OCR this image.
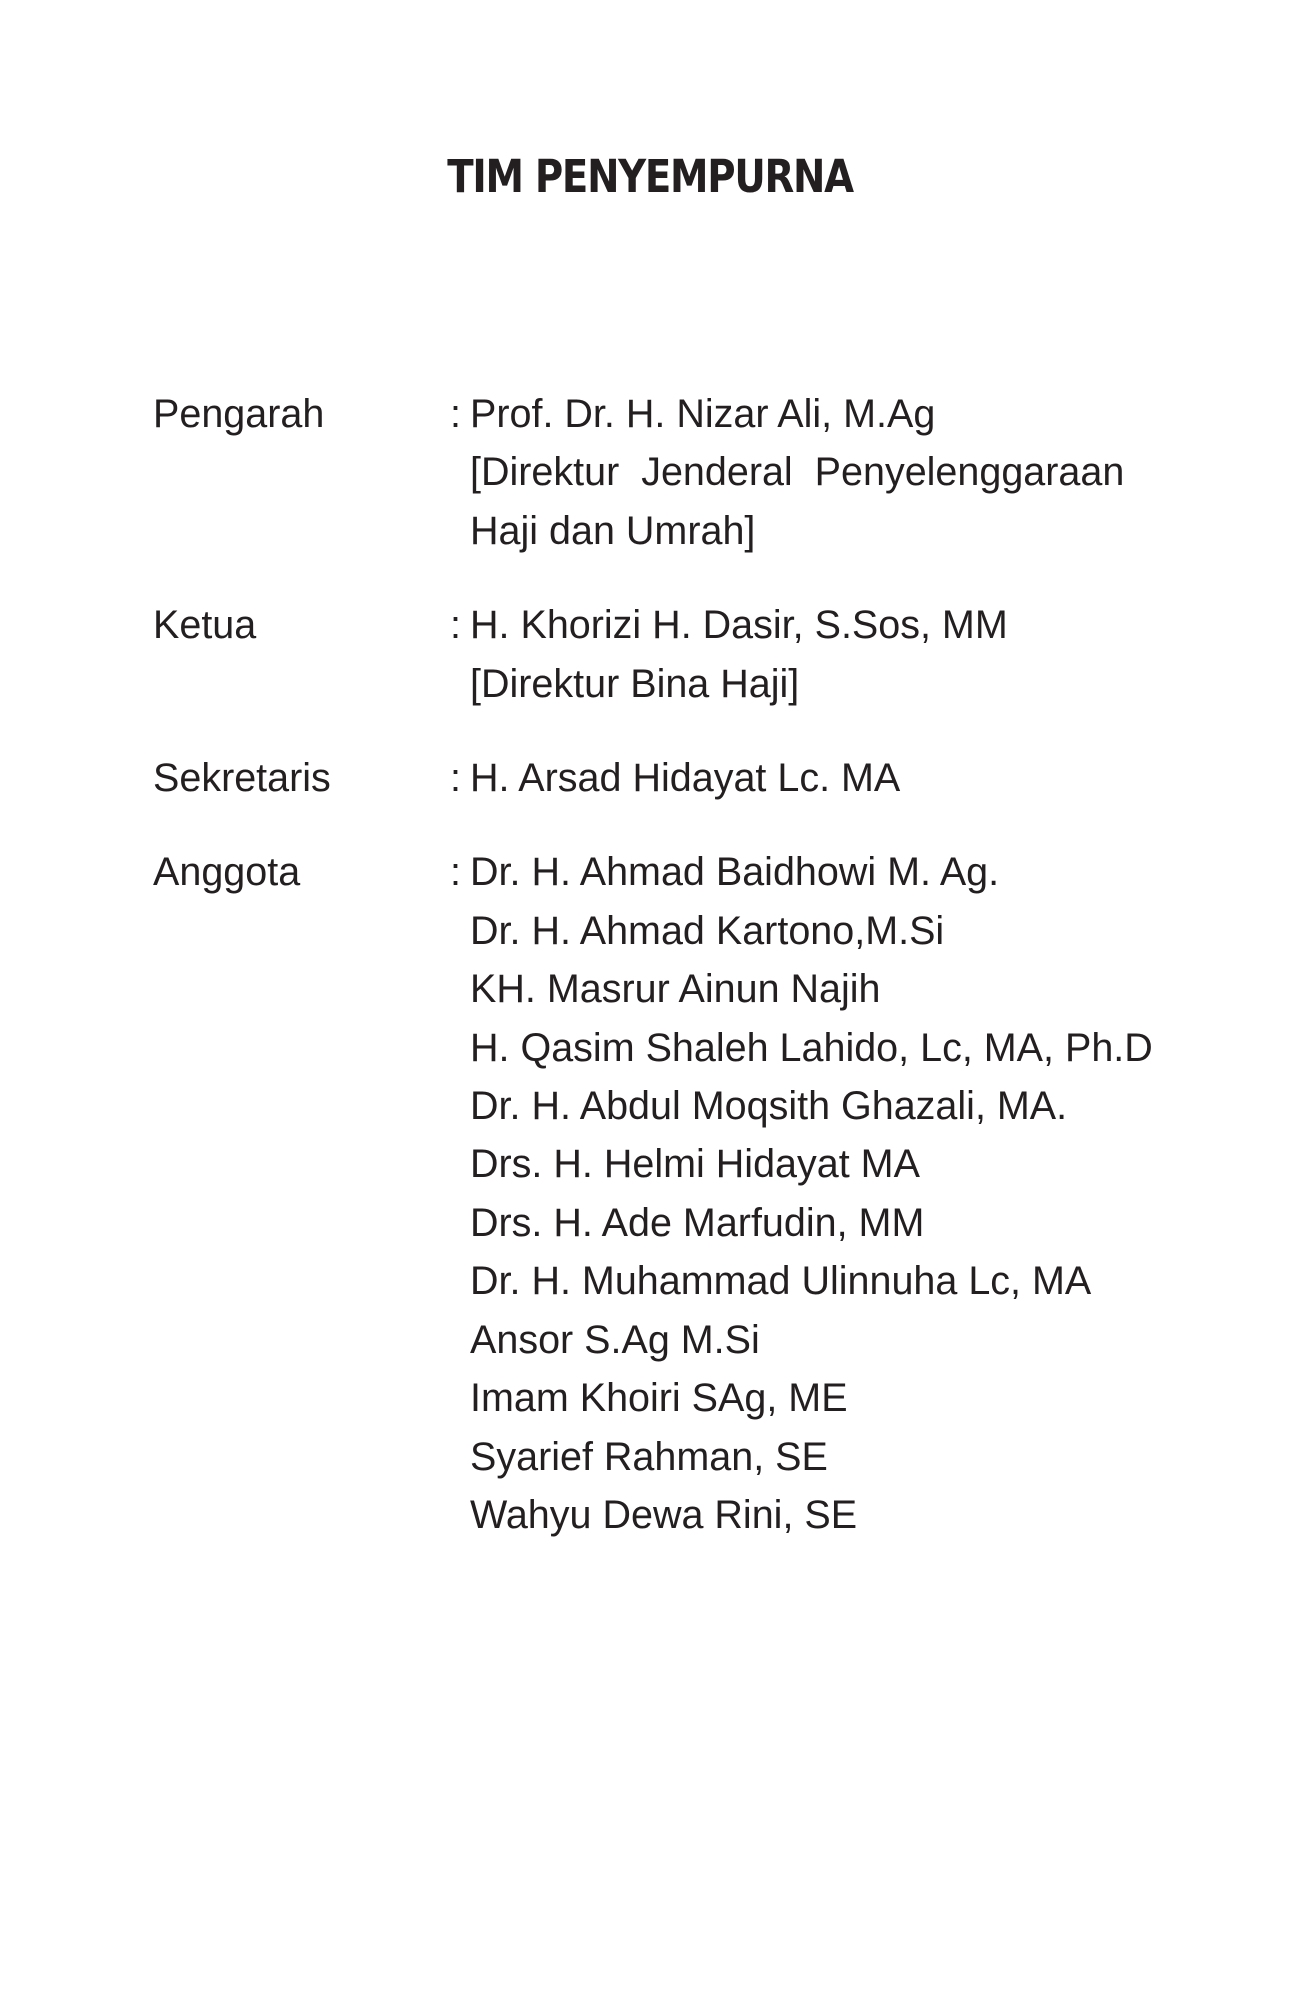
TIM PENYEMPURNA
Pengarah	: Prof. Dr. H. Nizar Ali, M.Ag
[Direktur  Jenderal  Penyelenggaraan
Haji dan Umrah]
Ketua	: H. Khorizi H. Dasir, S.Sos, MM
[Direktur Bina Haji]
Sekretaris	: H. Arsad Hidayat Lc. MA
Anggota	: Dr. H. Ahmad Baidhowi M. Ag.
Dr. H. Ahmad Kartono,M.Si
KH. Masrur Ainun Najih
H. Qasim Shaleh Lahido, Lc, MA, Ph.D
Dr. H. Abdul Moqsith Ghazali, MA.
Drs. H. Helmi Hidayat MA
Drs. H. Ade Marfudin, MM
Dr. H. Muhammad Ulinnuha Lc, MA
Ansor S.Ag M.Si
Imam Khoiri SAg, ME
Syarief Rahman, SE
Wahyu Dewa Rini, SE
